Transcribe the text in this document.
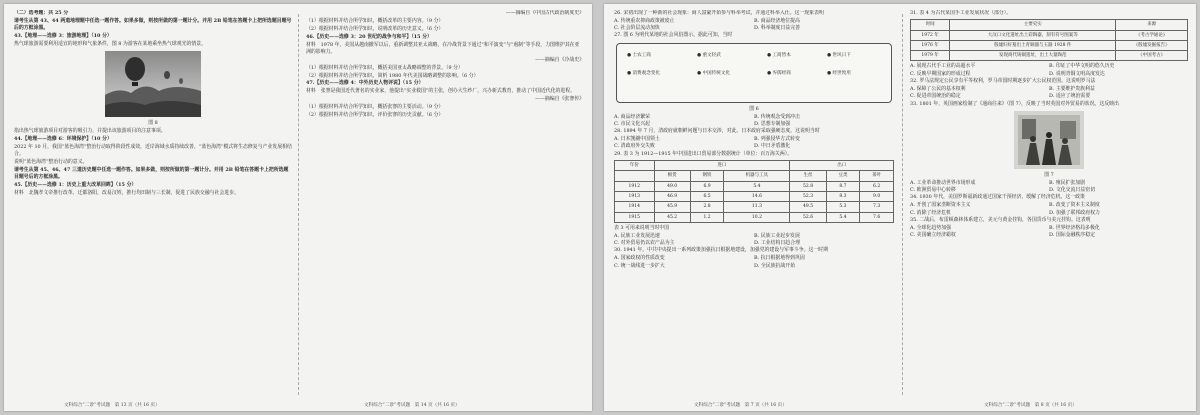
（二）选考题：共 25 分

请考生从第 43、44 两道地理题中任选一题作答。如果多做，则按所做的第一题计分。并用 2B 铅笔在答题卡上把所选题目题号后的方框涂黑。

43.【地理——选修 3：旅游地理】（10 分）

热气球旅游需要利用适宜的地形和气象条件，图 8 为游客在某地乘坐热气球观光的情景。

图 8

指出热气球旅游项目对游客的吸引力，并提出该旅游项目的注意事项。

44.【地理——选修 6：环境保护】（10 分）

2022 年 10 月，我国“蓝色海湾”整治行动取得阶段性成效，近岸海域水质持续改善，“蓝色海湾”模式将生态修复与产业发展相结合。

说明“蓝色海湾”整治行动的意义。

请考生从第 45、46、47 三道历史题中任选一题作答。如果多做，则按所做的第一题计分。并用 2B 铅笔在答题卡上把所选题目题号后的方框涂黑。

45.【历史——选修 1：历史上重大改革回眸】（15 分）

材料　北魏孝文帝推行改革，迁都洛阳，改易汉姓，推行均田制与三长制，促进了民族交融与社会进步。

——摘编自《中国古代政治制度史》

（1）根据材料并结合所学知识，概括改革的主要内容。（9 分）

（2）根据材料并结合所学知识，说明改革的历史意义。（6 分）

46.【历史——选修 3：20 世纪的战争与和平】（15 分）

材料　1978 年，美国从越南撤军以后，重新调整其亚太战略，在冷战背景下通过“和平演变”与“遏制”等手段，力图维护其在亚洲的影响力。

——摘编自《冷战史》

（1）根据材料并结合所学知识，概括美国亚太战略调整的背景。（9 分）

（2）根据材料并结合所学知识，简析 1980 年代美国战略调整的影响。（6 分）

47.【历史——选修 4：中外历史人物评说】（15 分）

材料　张謇是我国近代著名的实业家，他提出“实业救国”的主张，创办大生纱厂，兴办新式教育，推动了中国近代化的进程。

——摘编自《张謇传》

（1）根据材料并结合所学知识，概括张謇的主要活动。（9 分）

（2）根据材料并结合所学知识，评价张謇的历史贡献。（6 分）

文科综合“二诊”考试题　第 13 页（共 16 页）	文科综合“二诊”考试题　第 14 页（共 16 页）

26. 宋初出现了一种新的社会现象：商人富豪开始参与科举考试，并通过科举入仕。这一现象表明

A. 传统重农抑商政策被废止	B. 商品经济地位提高
C. 社会阶层流动加快	D. 科举制度日益完善

27. 图 6 为明代某地的社会风俗图示。据此可知，当时

● 士农工商	● 重文轻武	● 工商皆本	● 世风日下
● 消费观念变化	● 中国传统文化	● 弃儒经商	● 经世致用

图 6

A. 商品经济繁荣	B. 传统观念受到冲击
C. 市民文化兴起	D. 思想专制加强

28. 1894 年 7 月，清政府就朝鲜问题与日本交涉，对此，日本政府采取强硬态度。这说明当时

A. 日本觊觎中国领土	B. 列强侵华方式转变
C. 清政府外交失败	D. 中日矛盾激化

29. 表 3 为 1912—1915 年中国进出口贸易部分数据统计（单位：百万海关两）。

年份	进口			出口		
	棉货	钢铁	机器与工具	生丝	豆类	茶叶
1912	49.0	6.9	5.4	52.8	8.7	6.2
1913	46.9	6.5	14.6	52.3	8.3	9.0
1914	45.9	2.8	11.3	49.5	5.3	7.3
1915	45.2	1.2	10.2	52.6	5.4	7.6

表 3 可用来说明当时中国

A. 民族工业发展迅速	B. 民族工业起步发展
C. 对外贸易仍以农产品为主	D. 工业结构日趋合理

30. 1941 年，中共中央提出一系列政策加强抗日根据地建设，加强党的建设与军事斗争。这一时期

A. 国家政权的性质改变	B. 抗日根据地得到巩固
C. 统一战线进一步扩大	D. 全民族抗战开始

31. 表 4 为古代某国手工业发展状况（部分）。

时间	主要史实	来源
1972 年	大汶口文化遗址出土彩陶器，刻有符号图案等	《考古学通论》
1976 年	殷墟妇好墓出土青铜器与玉器 1928 件	《殷墟发掘报告》
1979 年	发现商代铸铜遗址，出土大量陶范	《中国考古》
A. 展现古代手工业的高超水平	B. 印证了中华文明的悠久历史
C. 反映早期国家的形成过程	D. 说明青铜文明高度发达

32. 罗马法规定公民享有平等权利，罗马帝国时期逐步扩大公民权范围。这说明罗马法

A. 保障了公民的基本权利	B. 主要维护贵族利益
C. 促进帝国统治的稳定	D. 适应了统治需要

33. 1801 年，英国画家绘制了《通商往来》（图 7），反映了当时英国对外贸易的状况。这反映出

图 7

A. 工业革命推动世界市场形成	B. 殖民扩张加剧
C. 欧洲贸易中心转移	D. 文化交流日益密切

34. 1930 年代，美国罗斯福新政通过国家干预经济，缓解了经济危机。这一政策

A. 开创了国家垄断资本主义	B. 改变了资本主义制度
C. 消除了经济危机	D. 加强了联邦政府权力

35. 二战后，布雷顿森林体系建立，美元与黄金挂钩，各国货币与美元挂钩。这表明

A. 全球化趋势加强	B. 世界经济格局多极化
C. 美国确立经济霸权	D. 国际金融秩序稳定
文科综合“二诊”考试题　第 7 页（共 16 页）	文科综合“二诊”考试题　第 8 页（共 16 页）
